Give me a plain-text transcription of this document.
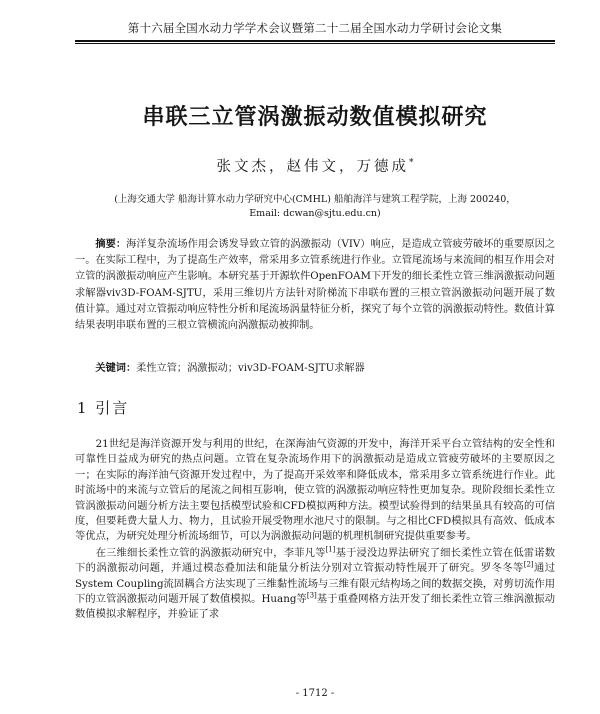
第十六届全国水动力学学术会议暨第二十二届全国水动力学研讨会论文集
串联三立管涡激振动数值模拟研究
张文杰，赵伟文，万德成*
(上海交通大学 船海计算水动力学研究中心(CMHL) 船舶海洋与建筑工程学院，上海 200240，
Email: dcwan@sjtu.edu.cn)
摘要：海洋复杂流场作用会诱发导致立管的涡激振动（VIV）响应，是造成立管疲劳破坏的重要原因之一。在实际工程中，为了提高生产效率，常采用多立管系统进行作业。立管尾流场与来流间的相互作用会对立管的涡激振动响应产生影响。本研究基于开源软件OpenFOAM下开发的细长柔性立管三维涡激振动问题求解器viv3D-FOAM-SJTU，采用三维切片方法针对阶梯流下串联布置的三根立管涡激振动问题开展了数值计算。通过对立管振动响应特性分析和尾流场涡量特征分析，探究了每个立管的涡激振动特性。数值计算结果表明串联布置的三根立管横流向涡激振动被抑制。
关键词：柔性立管；涡激振动；viv3D-FOAM-SJTU求解器
1 引言

21世纪是海洋资源开发与利用的世纪，在深海油气资源的开发中，海洋开采平台立管结构的安全性和可靠性日益成为研究的热点问题。立管在复杂流场作用下的涡激振动是造成立管疲劳破坏的主要原因之一；在实际的海洋油气资源开发过程中，为了提高开采效率和降低成本，常采用多立管系统进行作业。此时流场中的来流与立管后的尾流之间相互影响，使立管的涡激振动响应特性更加复杂。现阶段细长柔性立管涡激振动问题分析方法主要包括模型试验和CFD模拟两种方法。模型试验得到的结果虽具有较高的可信度，但要耗费大量人力、物力，且试验开展受物理水池尺寸的限制。与之相比CFD模拟具有高效、低成本等优点，为研究处理分析流场细节，可以为涡激振动问题的机理机制研究提供重要参考。

在三维细长柔性立管的涡激振动研究中，李菲凡等[1]基于浸没边界法研究了细长柔性立管在低雷诺数下的涡激振动问题，并通过模态叠加法和能量分析法分别对立管振动特性展开了研究。罗冬冬等[2]通过System Coupling流固耦合方法实现了三维黏性流场与三维有限元结构场之间的数据交换，对剪切流作用下的立管涡激振动问题开展了数值模拟。Huang等[3]基于重叠网格方法开发了细长柔性立管三维涡激振动数值模拟求解程序，并验证了求

- 1712 -
